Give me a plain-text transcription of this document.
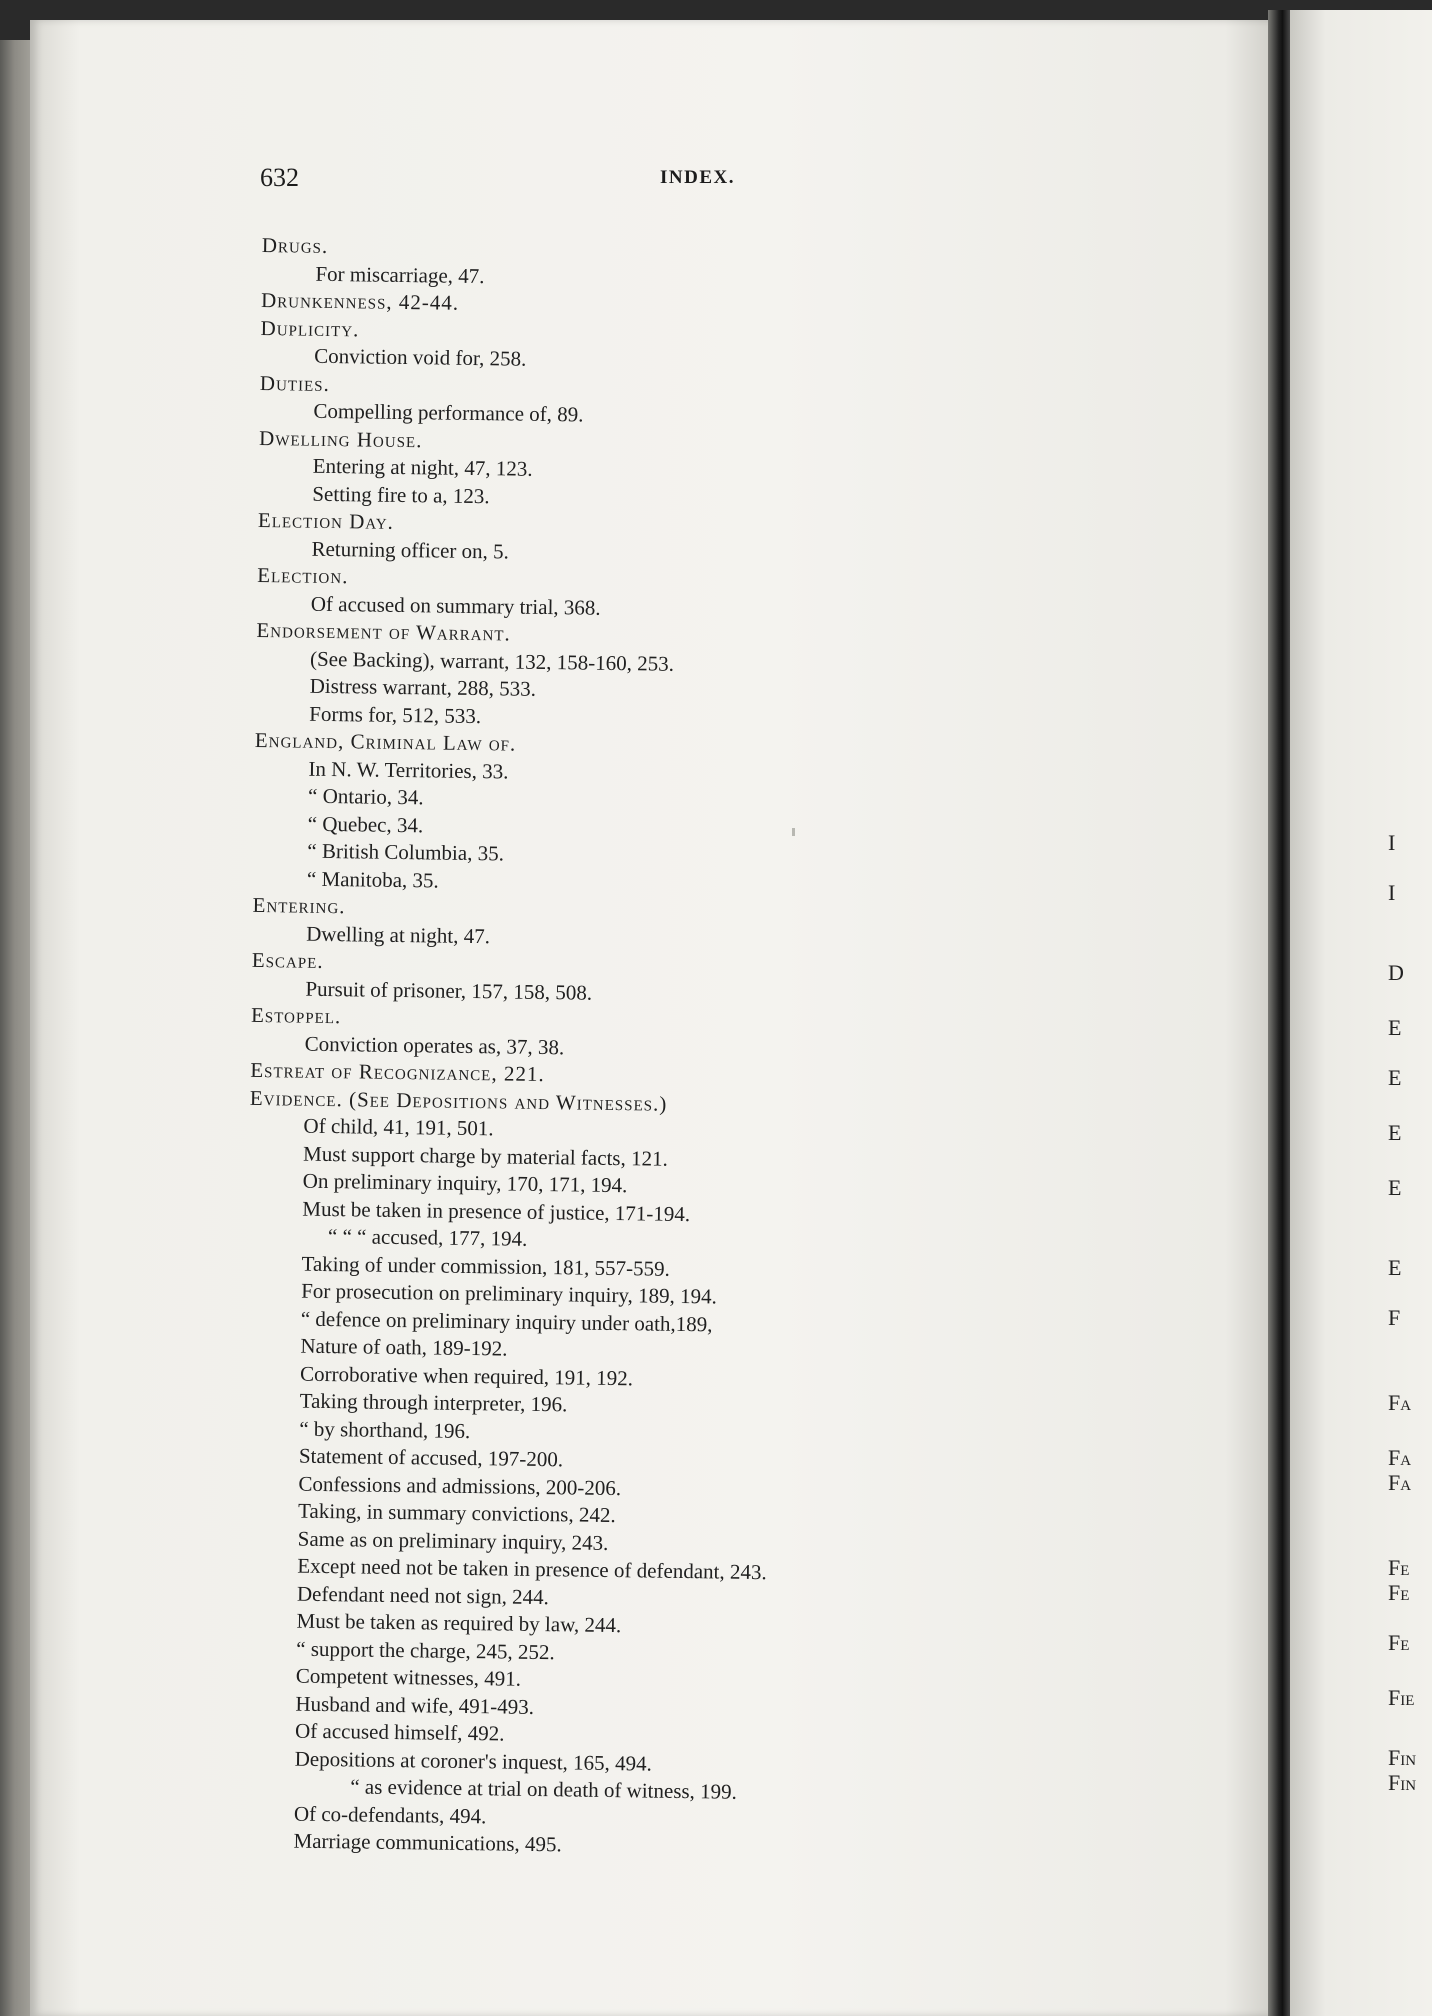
632	INDEX.
Drugs.
For miscarriage, 47.
Drunkenness, 42-44.
Duplicity.
Conviction void for, 258.
Duties.
Compelling performance of, 89.
Dwelling House.
Entering at night, 47, 123.
Setting fire to a, 123.
Election Day.
Returning officer on, 5.
Election.
Of accused on summary trial, 368.
Endorsement of Warrant.
(See Backing), warrant, 132, 158-160, 253.
Distress warrant, 288, 533.
Forms for, 512, 533.
England, Criminal Law of.
In N. W. Territories, 33.
“ Ontario, 34.
“ Quebec, 34.
“ British Columbia, 35.
“ Manitoba, 35.
Entering.
Dwelling at night, 47.
Escape.
Pursuit of prisoner, 157, 158, 508.
Estoppel.
Conviction operates as, 37, 38.
Estreat of Recognizance, 221.
Evidence. (See Depositions and Witnesses.)
Of child, 41, 191, 501.
Must support charge by material facts, 121.
On preliminary inquiry, 170, 171, 194.
Must be taken in presence of justice, 171-194.
“ “ “ accused, 177, 194.
Taking of under commission, 181, 557-559.
For prosecution on preliminary inquiry, 189, 194.
“ defence on preliminary inquiry under oath,189,
Nature of oath, 189-192.
Corroborative when required, 191, 192.
Taking through interpreter, 196.
“ by shorthand, 196.
Statement of accused, 197-200.
Confessions and admissions, 200-206.
Taking, in summary convictions, 242.
Same as on preliminary inquiry, 243.
Except need not be taken in presence of defendant, 243.
Defendant need not sign, 244.
Must be taken as required by law, 244.
“ support the charge, 245, 252.
Competent witnesses, 491.
Husband and wife, 491-493.
Of accused himself, 492.
Depositions at coroner's inquest, 165, 494.
“ as evidence at trial on death of witness, 199.
Of co-defendants, 494.
Marriage communications, 495.
I
I
D
E
E
E
E
E
F
Fa
Fa
Fa
Fe
Fe
Fe
Fie
Fin
Fin
